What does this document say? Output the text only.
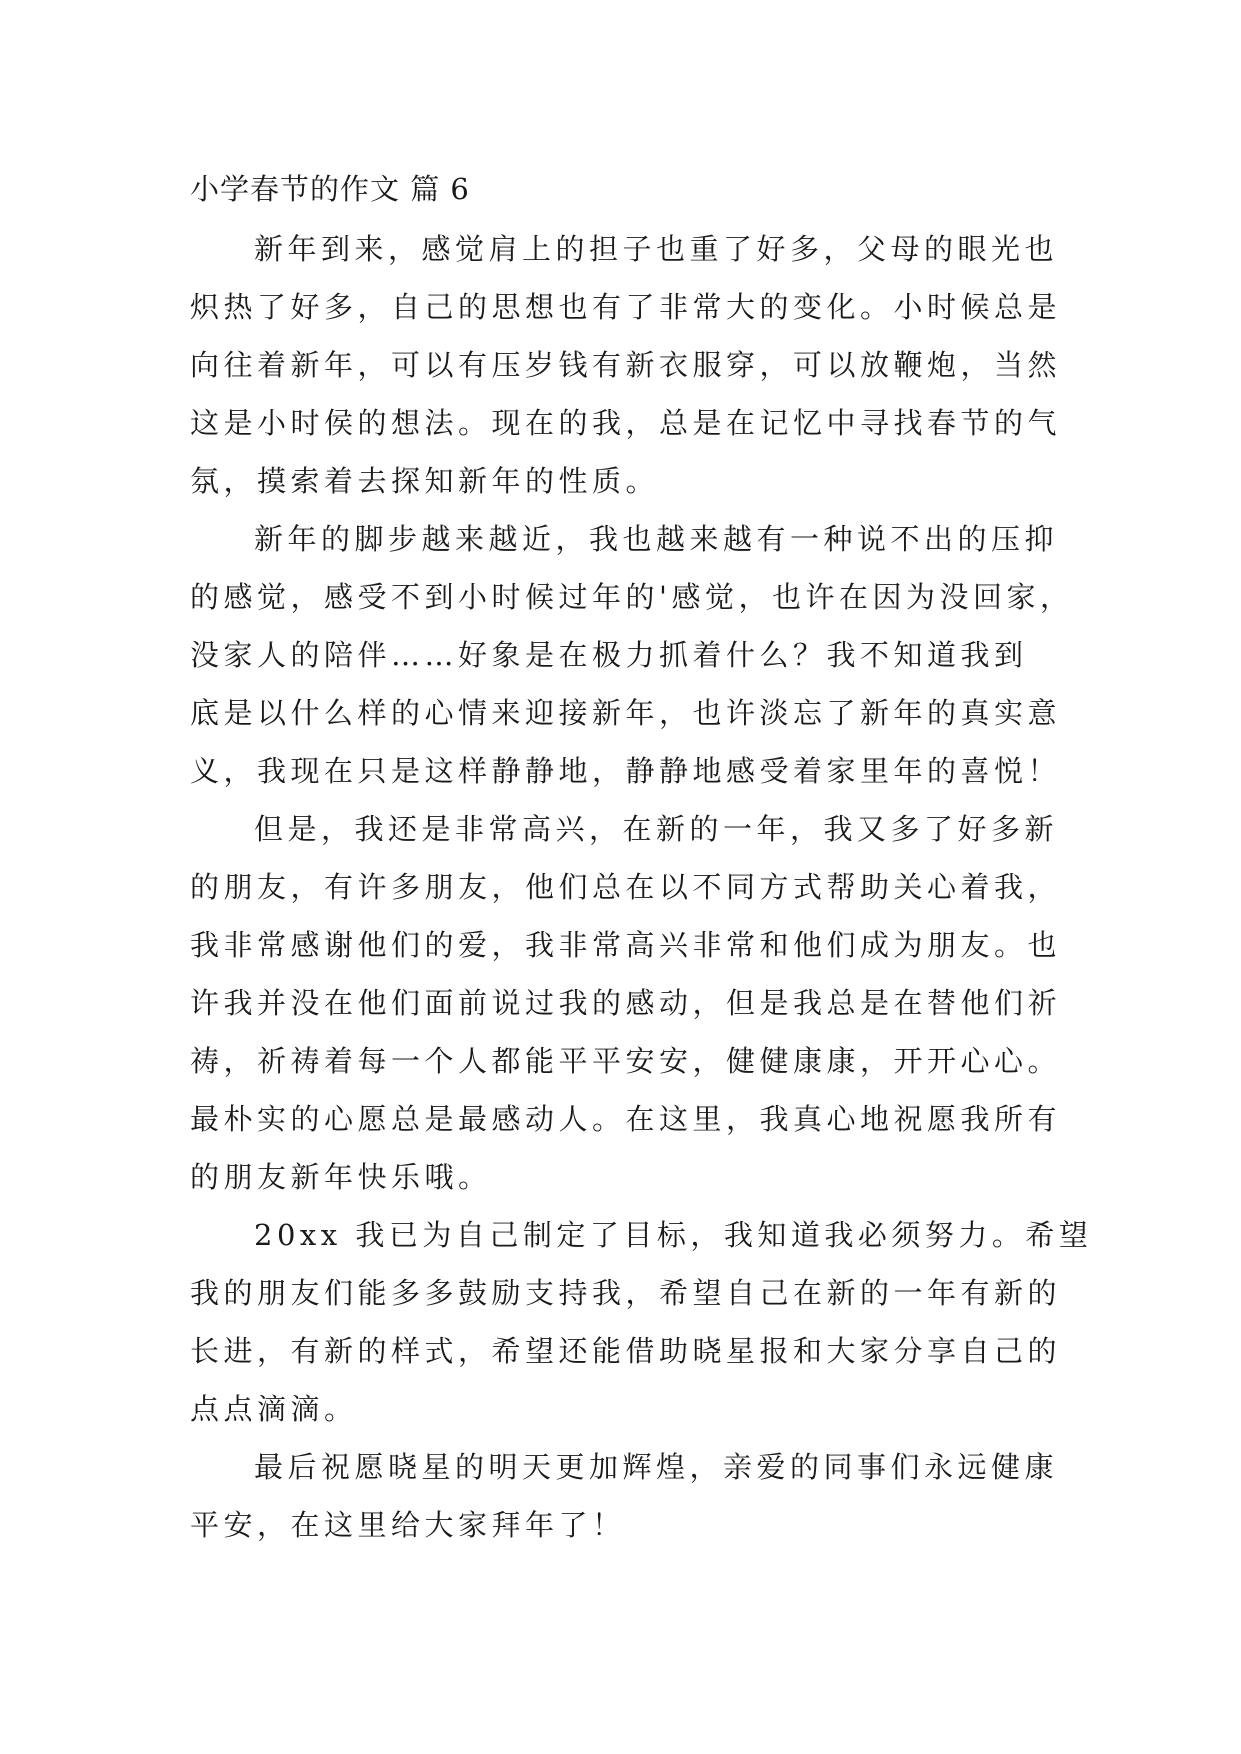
小学春节的作文 篇 6
新年到来，感觉肩上的担子也重了好多，父母的眼光也
炽热了好多，自己的思想也有了非常大的变化。小时候总是
向往着新年，可以有压岁钱有新衣服穿，可以放鞭炮，当然
这是小时侯的想法。现在的我，总是在记忆中寻找春节的气
氛，摸索着去探知新年的性质。
新年的脚步越来越近，我也越来越有一种说不出的压抑
的感觉，感受不到小时候过年的'感觉，也许在因为没回家，
没家人的陪伴……好象是在极力抓着什么？我不知道我到
底是以什么样的心情来迎接新年，也许淡忘了新年的真实意
义，我现在只是这样静静地，静静地感受着家里年的喜悦！
但是，我还是非常高兴，在新的一年，我又多了好多新
的朋友，有许多朋友，他们总在以不同方式帮助关心着我，
我非常感谢他们的爱，我非常高兴非常和他们成为朋友。也
许我并没在他们面前说过我的感动，但是我总是在替他们祈
祷，祈祷着每一个人都能平平安安，健健康康，开开心心。
最朴实的心愿总是最感动人。在这里，我真心地祝愿我所有
的朋友新年快乐哦。
20xx 我已为自己制定了目标，我知道我必须努力。希望
我的朋友们能多多鼓励支持我，希望自己在新的一年有新的
长进，有新的样式，希望还能借助晓星报和大家分享自己的
点点滴滴。
最后祝愿晓星的明天更加辉煌，亲爱的同事们永远健康
平安，在这里给大家拜年了！
